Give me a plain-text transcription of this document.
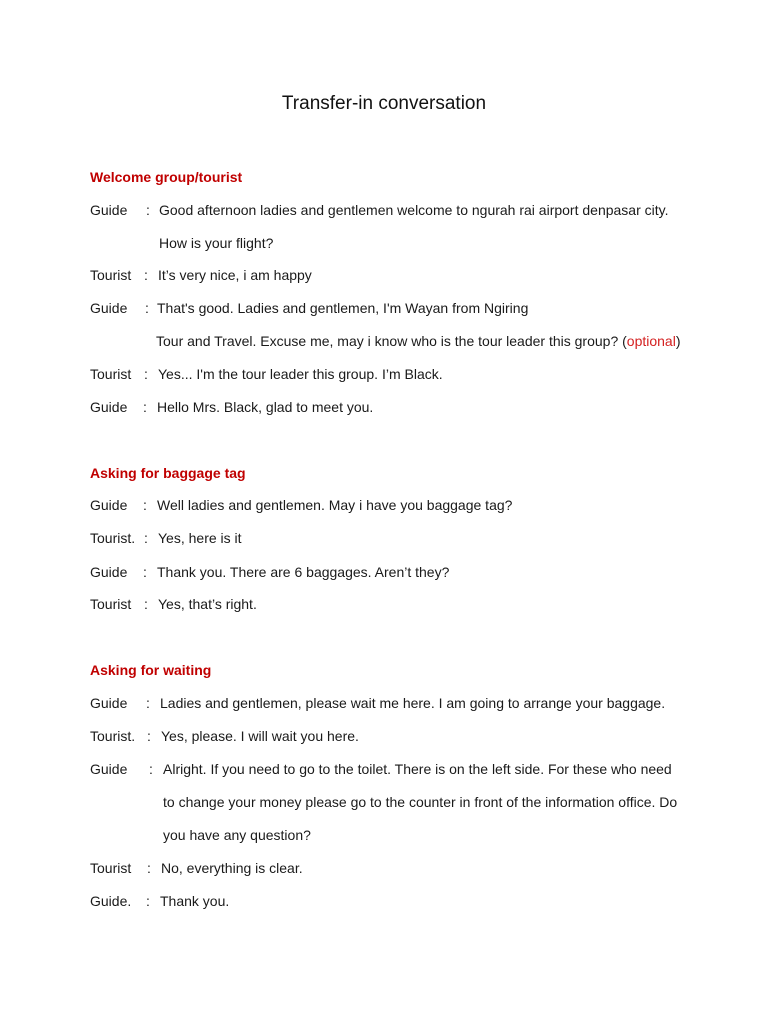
Transfer-in conversation
Welcome group/tourist
Guide : Good afternoon ladies and gentlemen welcome to ngurah rai airport denpasar city.
How is your flight?
Tourist : It’s very nice, i am happy
Guide : That's good. Ladies and gentlemen, I'm Wayan from Ngiring
Tour and Travel. Excuse me, may i know who is the tour leader this group? (optional)
Tourist : Yes... I'm the tour leader this group. I’m Black.
Guide : Hello Mrs. Black, glad to meet you.
Asking for baggage tag
Guide : Well ladies and gentlemen. May i have you baggage tag?
Tourist. : Yes, here is it
Guide : Thank you. There are 6 baggages. Aren’t they?
Tourist : Yes, that’s right.
Asking for waiting
Guide : Ladies and gentlemen, please wait me here. I am going to arrange your baggage.
Tourist. : Yes, please. I will wait you here.
Guide : Alright. If you need to go to the toilet. There is on the left side. For these who need
to change your money please go to the counter in front of the information office. Do
you have any question?
Tourist : No, everything is clear.
Guide. : Thank you.
